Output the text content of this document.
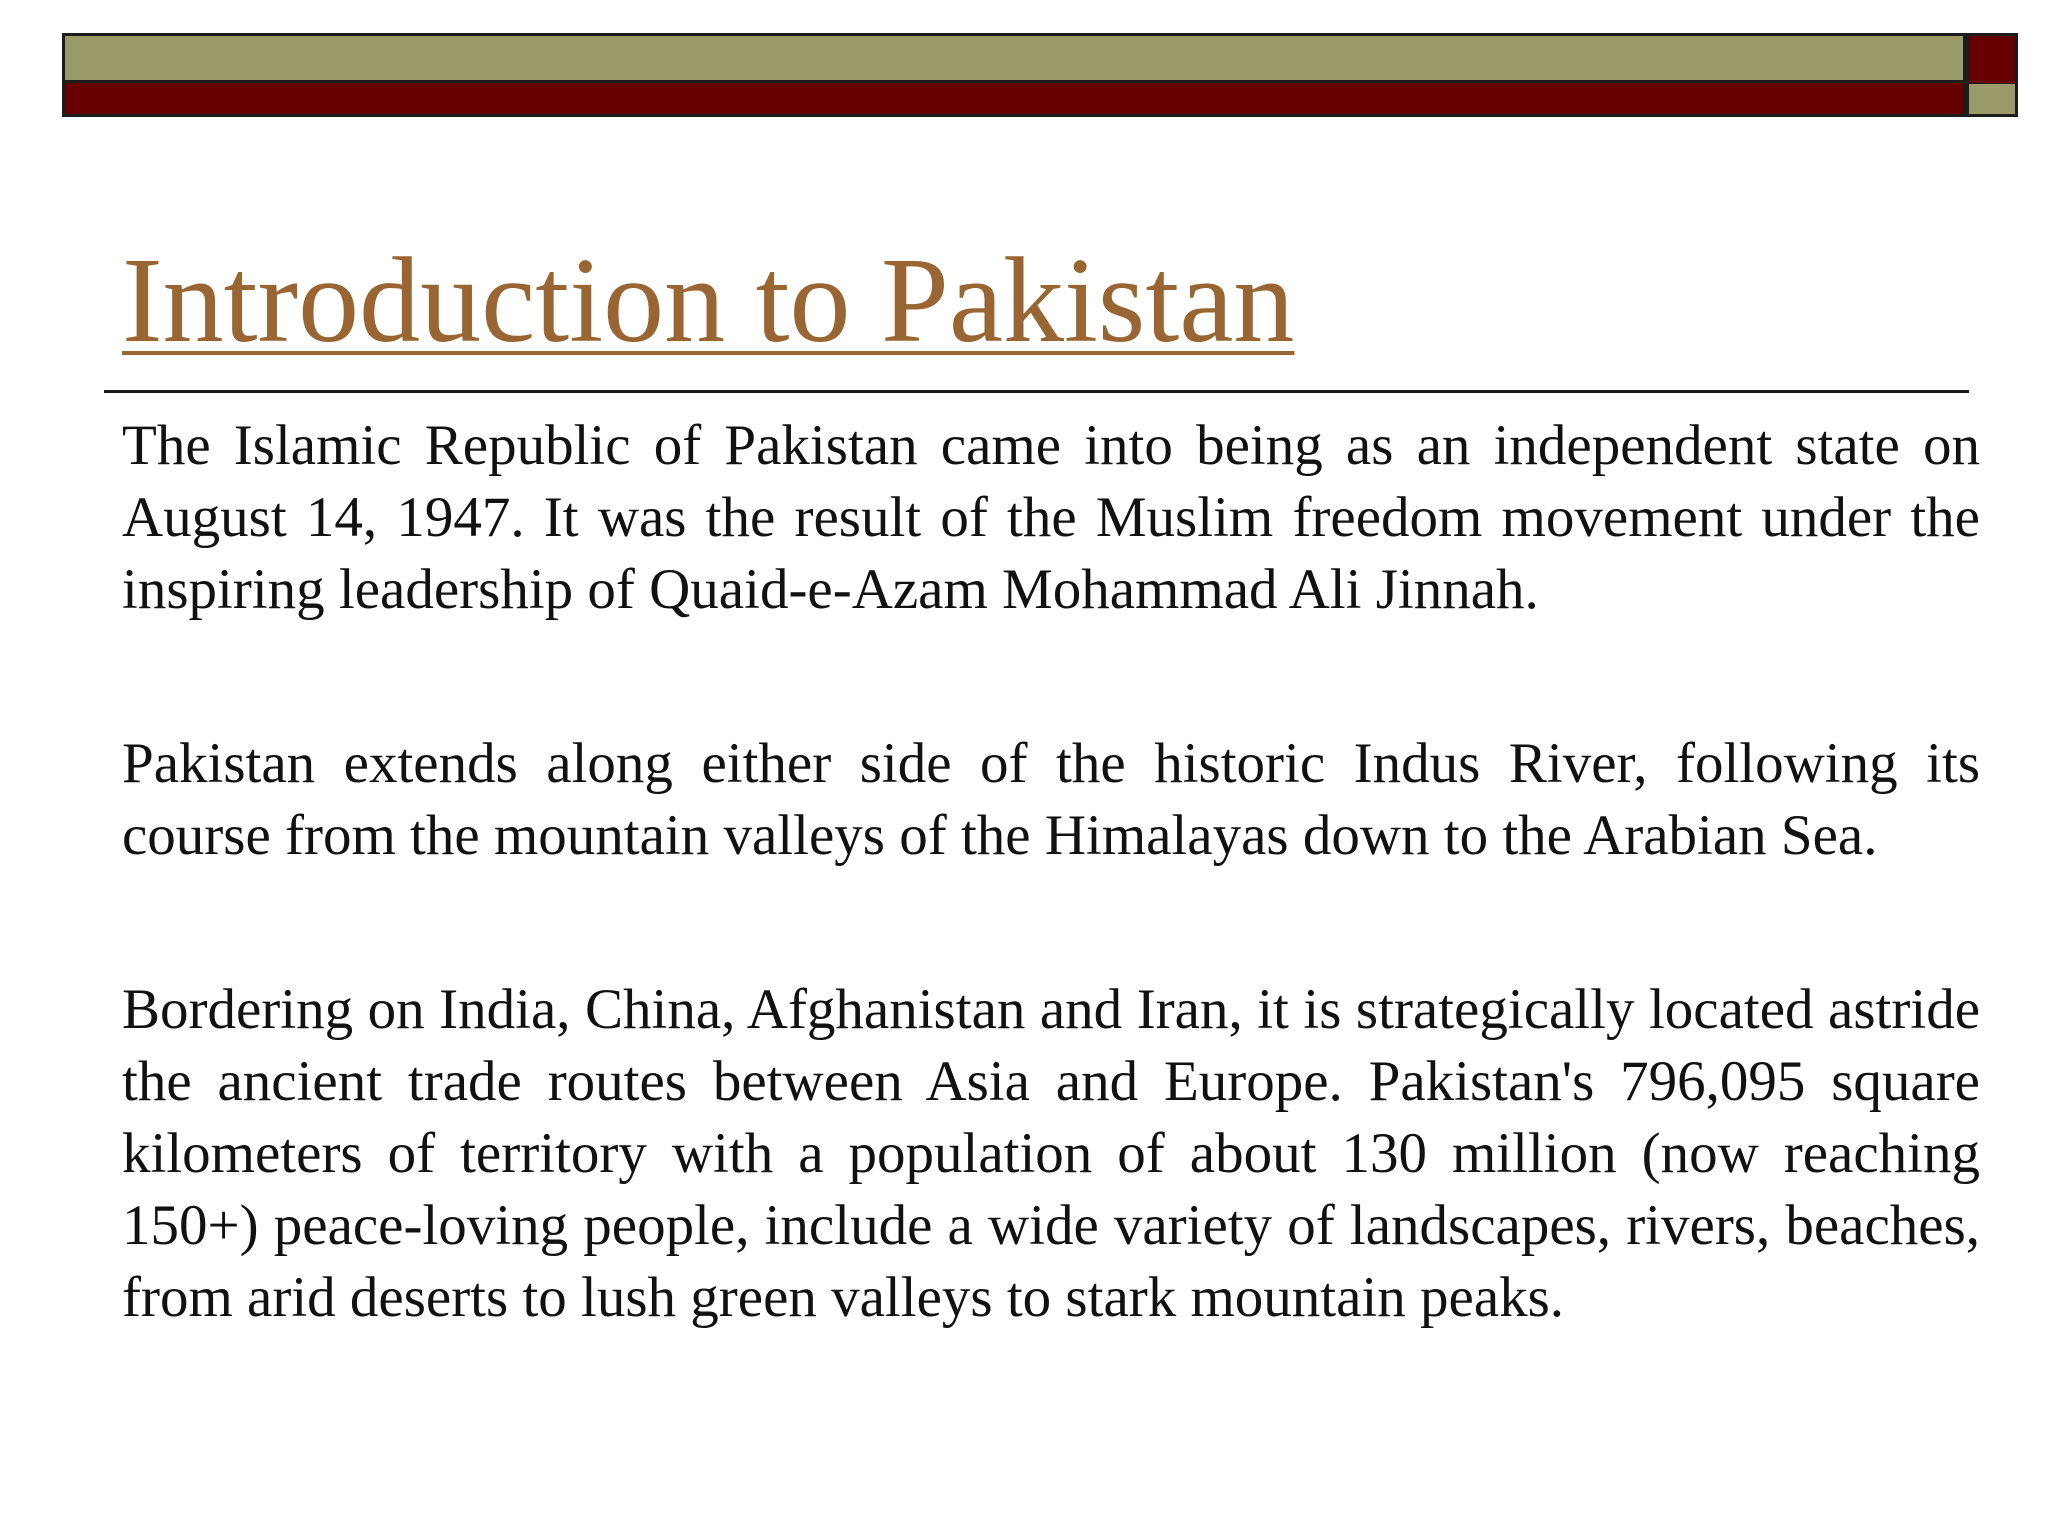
Introduction to Pakistan

The Islamic Republic of Pakistan came into being as an independent state on August 14, 1947. It was the result of the Muslim freedom movement under the inspiring leadership of Quaid-e-Azam Mohammad Ali Jinnah.

Pakistan extends along either side of the historic Indus River, following its course from the mountain valleys of the Himalayas down to the Arabian Sea.

Bordering on India, China, Afghanistan and Iran, it is strategically located astride the ancient trade routes between Asia and Europe. Pakistan's 796,095 square kilometers of territory with a population of about 130 million (now reaching 150+) peace-loving people, include a wide variety of landscapes, rivers, beaches, from arid deserts to lush green valleys to stark mountain peaks.
